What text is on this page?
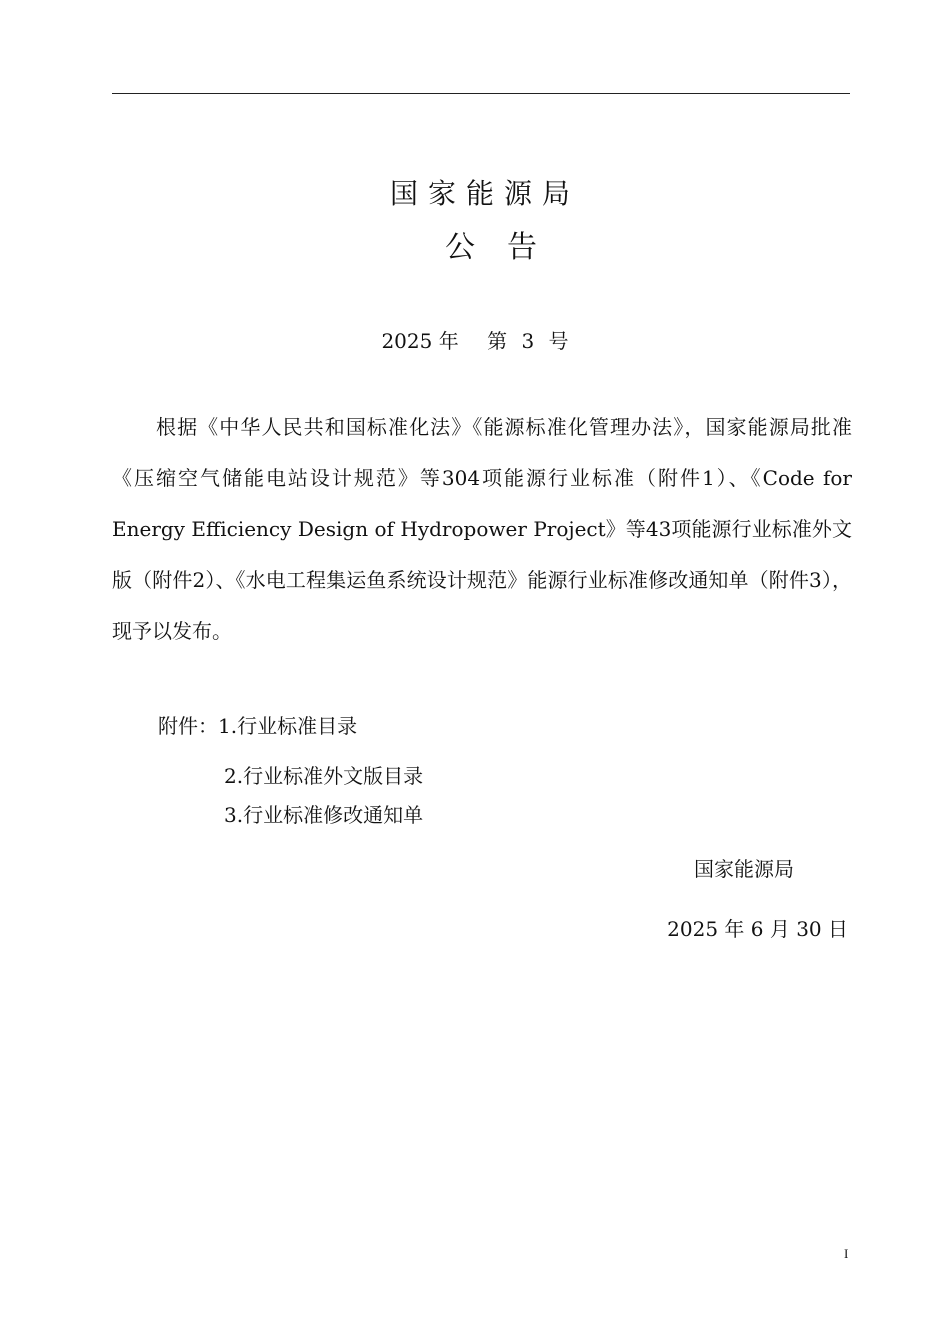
国家能源局
公告
2025 年 第 3 号

根据《中华人民共和国标准化法》《能源标准化管理办法》，国家能源局批准《压缩空气储能电站设计规范》等304项能源行业标准（附件1）、《Code for Energy Efficiency Design of Hydropower Project》等43项能源行业标准外文版（附件2）、《水电工程集运鱼系统设计规范》能源行业标准修改通知单（附件3），现予以发布。

附件：1.行业标准目录
2.行业标准外文版目录
3.行业标准修改通知单
国家能源局
2025 年 6 月 30 日
I
